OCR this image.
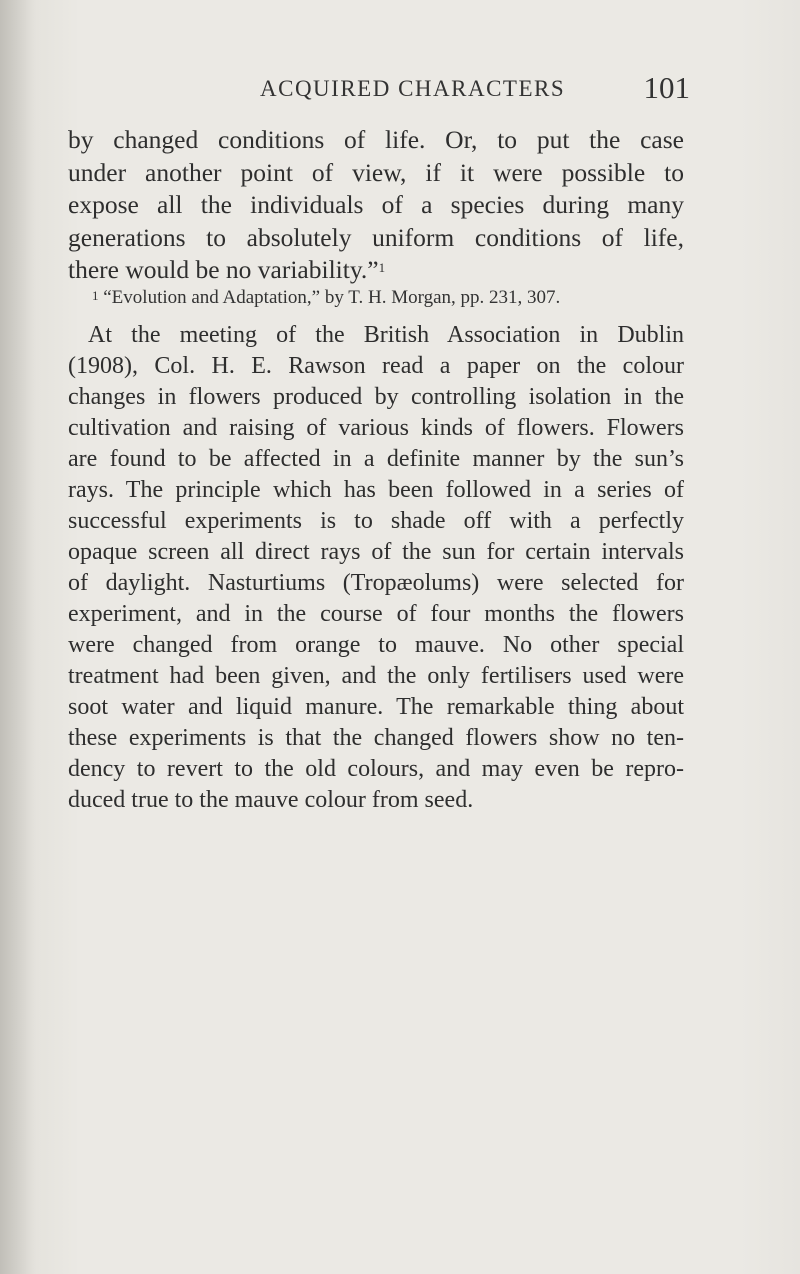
ACQUIRED CHARACTERS	101
by changed conditions of life. Or, to put the case
under another point of view, if it were possible to
expose all the individuals of a species during many
generations to absolutely uniform conditions of life,
there would be no variability.”$^1$
$^1$ “Evolution and Adaptation,” by T. H. Morgan, pp. 231, 307.
At the meeting of the British Association in Dublin
(1908), Col. H. E. Rawson read a paper on the colour
changes in flowers produced by controlling isolation in the
cultivation and raising of various kinds of flowers. Flowers
are found to be affected in a definite manner by the sun’s
rays. The principle which has been followed in a series of
successful experiments is to shade off with a perfectly
opaque screen all direct rays of the sun for certain intervals
of daylight. Nasturtiums (Tropæolums) were selected for
experiment, and in the course of four months the flowers
were changed from orange to mauve. No other special
treatment had been given, and the only fertilisers used were
soot water and liquid manure. The remarkable thing about
these experiments is that the changed flowers show no ten-
dency to revert to the old colours, and may even be repro-
duced true to the mauve colour from seed.
